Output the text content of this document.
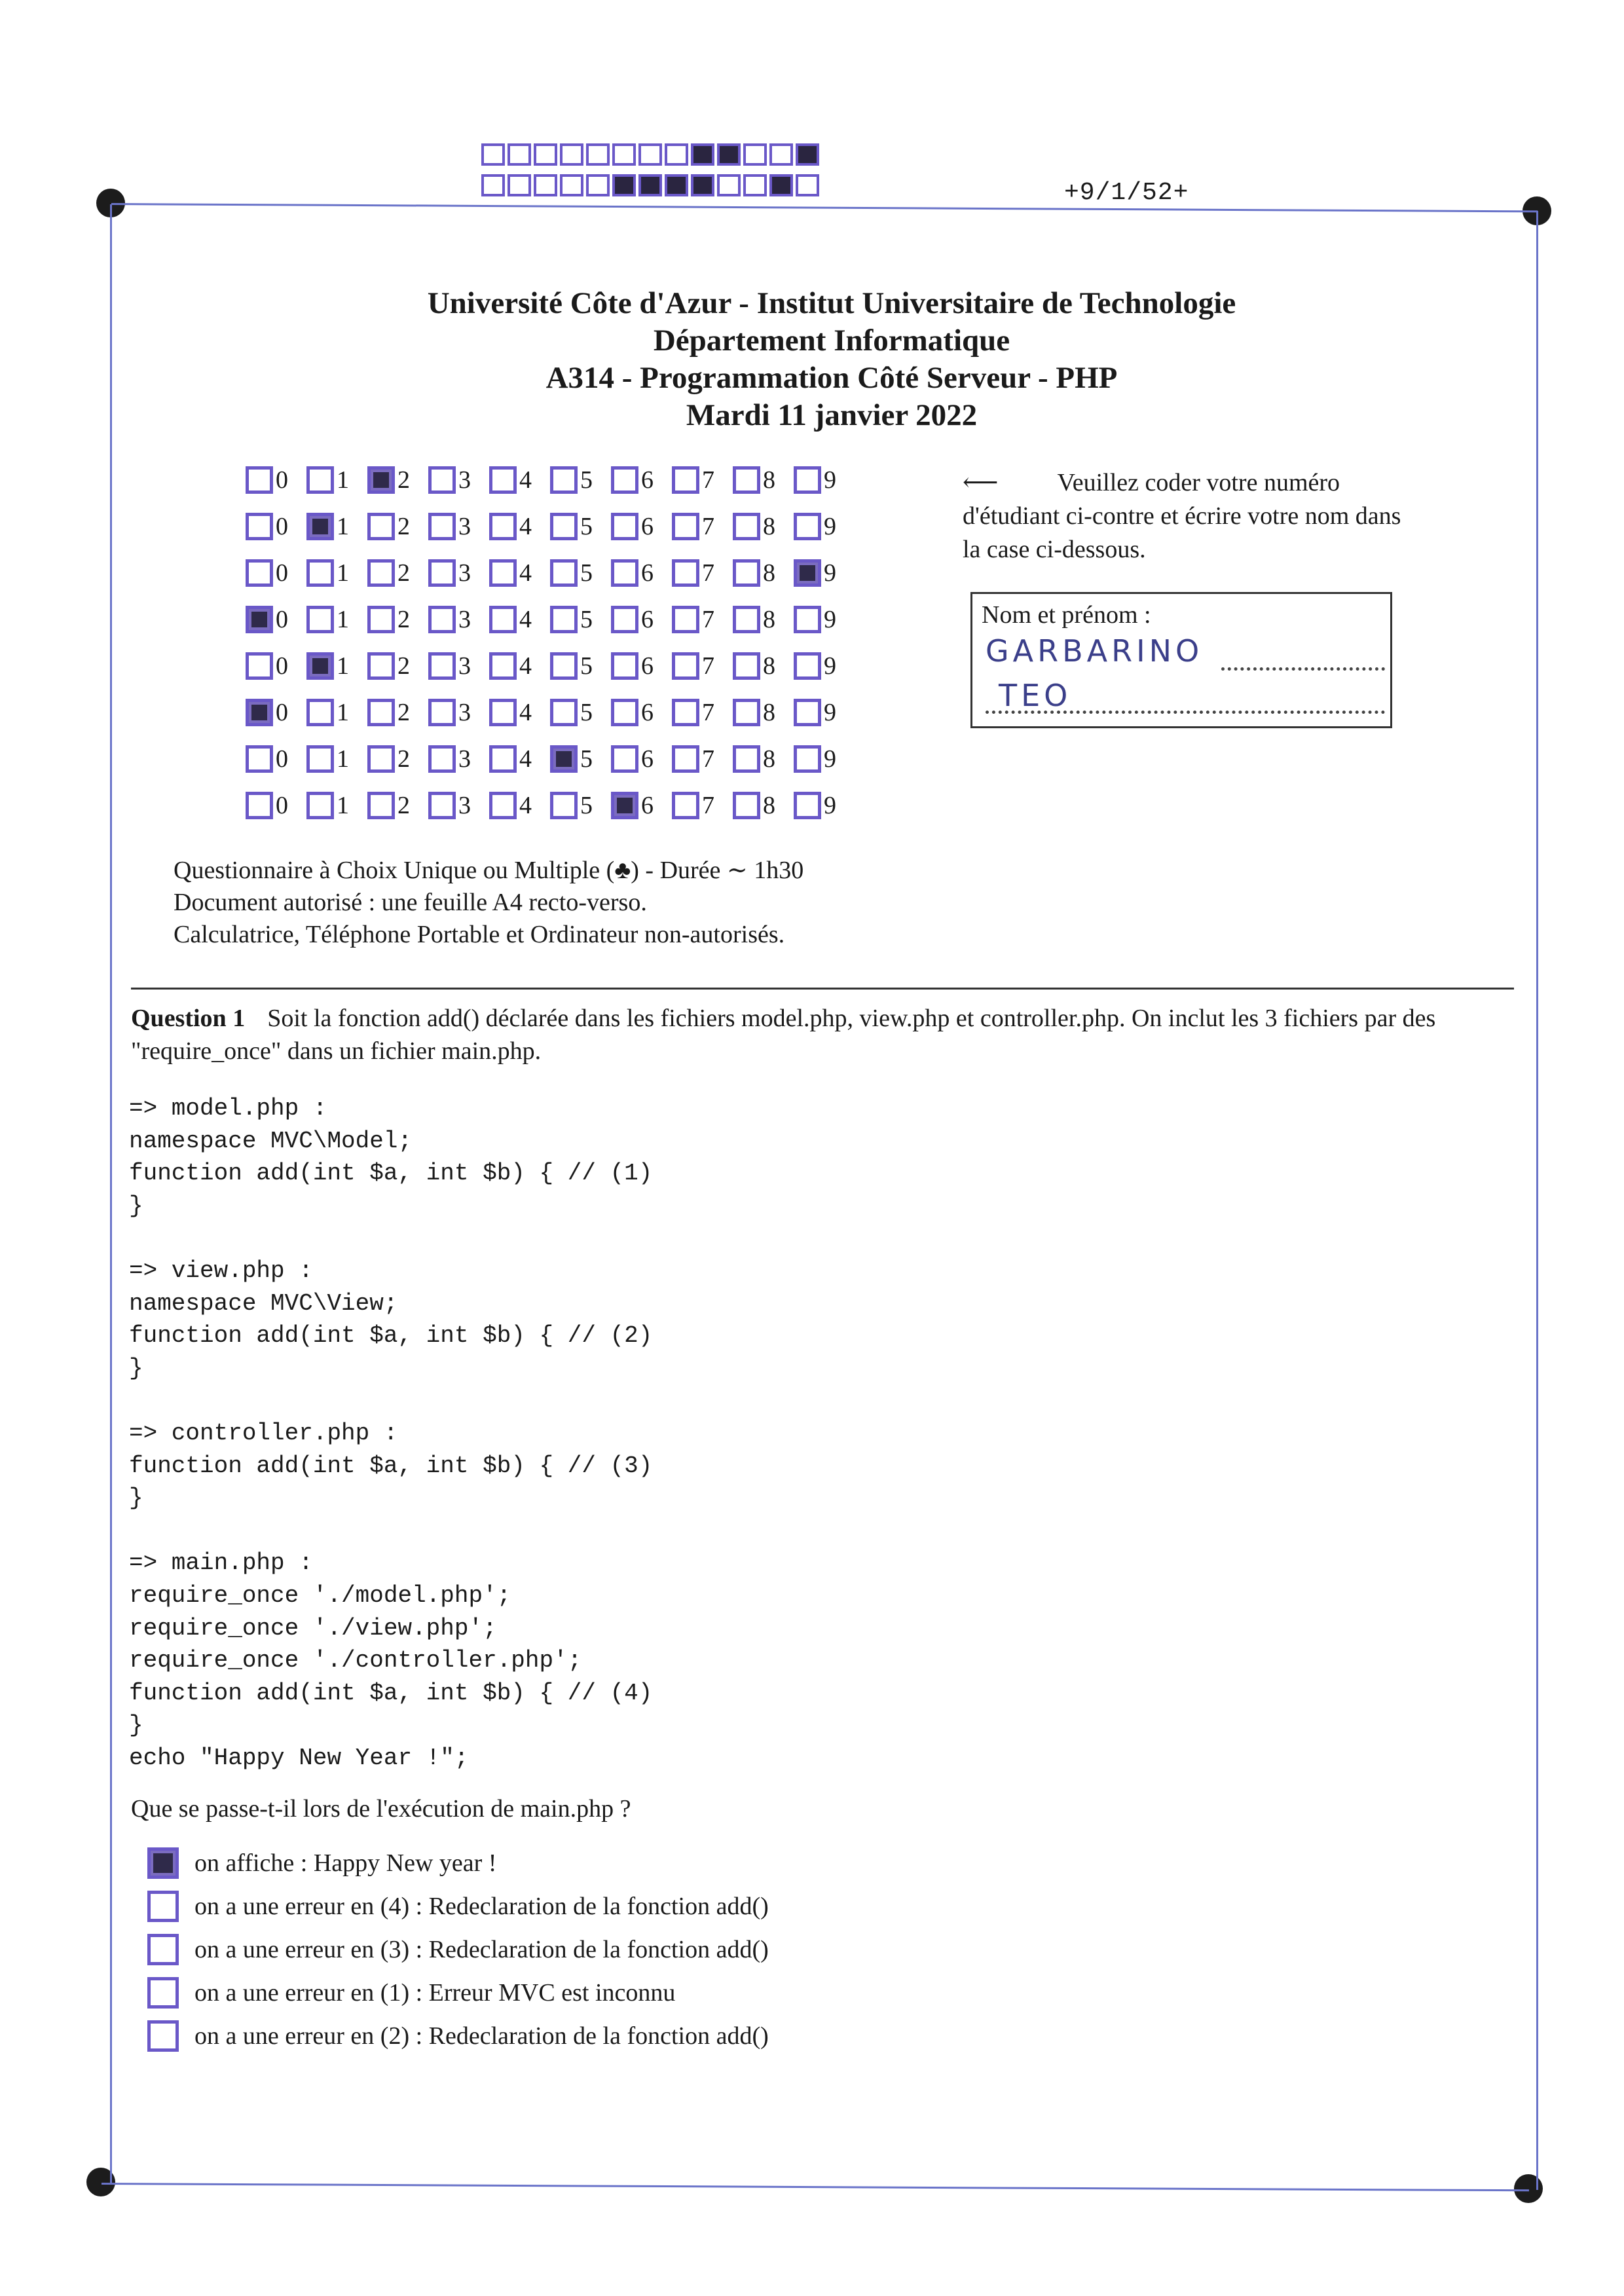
+9/1/52+
Université Côte d'Azur - Institut Universitaire de Technologie
Département Informatique
A314 - Programmation Côté Serveur - PHP
Mardi 11 janvier 2022
0 1 2 3 4 5 6 7 8 9
0 1 2 3 4 5 6 7 8 9
0 1 2 3 4 5 6 7 8 9
0 1 2 3 4 5 6 7 8 9
0 1 2 3 4 5 6 7 8 9
0 1 2 3 4 5 6 7 8 9
0 1 2 3 4 5 6 7 8 9
0 1 2 3 4 5 6 7 8 9
⟵ Veuillez coder votre numéro d'étudiant ci-contre et écrire votre nom dans la case ci-dessous.
Nom et prénom :
GARBARINO
TEO
Questionnaire à Choix Unique ou Multiple (♣) - Durée ∼ 1h30
Document autorisé : une feuille A4 recto-verso.
Calculatrice, Téléphone Portable et Ordinateur non-autorisés.
Question 1 Soit la fonction add() déclarée dans les fichiers model.php, view.php et controller.php. On inclut les 3 fichiers par des "require_once" dans un fichier main.php.
=> model.php :
namespace MVC\Model;
function add(int $a, int $b) { // (1)
}

=> view.php :
namespace MVC\View;
function add(int $a, int $b) { // (2)
}

=> controller.php :
function add(int $a, int $b) { // (3)
}

=> main.php :
require_once './model.php';
require_once './view.php';
require_once './controller.php';
function add(int $a, int $b) { // (4)
}
echo "Happy New Year !";
Que se passe-t-il lors de l'exécution de main.php ?
on affiche : Happy New year !
on a une erreur en (4) : Redeclaration de la fonction add()
on a une erreur en (3) : Redeclaration de la fonction add()
on a une erreur en (1) : Erreur MVC est inconnu
on a une erreur en (2) : Redeclaration de la fonction add()
